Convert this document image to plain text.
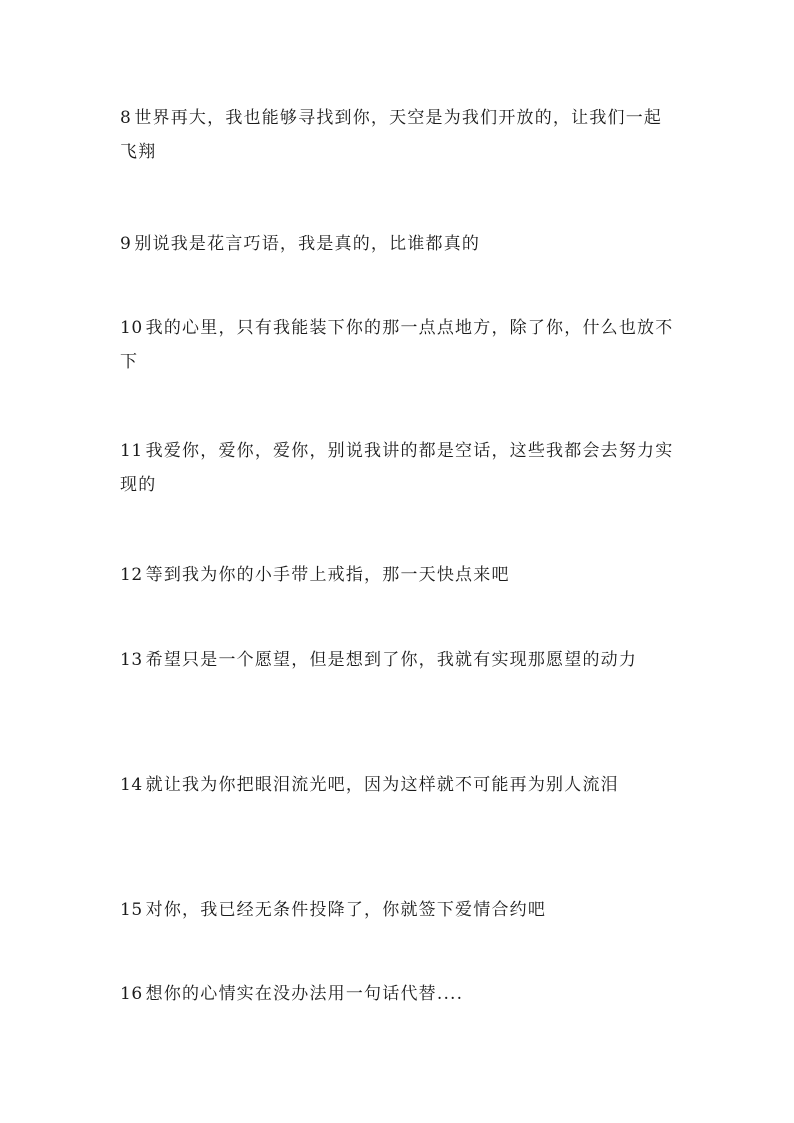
8 世界再大，我也能够寻找到你，天空是为我们开放的，让我们一起飞翔

9 别说我是花言巧语，我是真的，比谁都真的

10 我的心里，只有我能装下你的那一点点地方，除了你，什么也放不下

11 我爱你，爱你，爱你，别说我讲的都是空话，这些我都会去努力实现的

12 等到我为你的小手带上戒指，那一天快点来吧

13 希望只是一个愿望，但是想到了你，我就有实现那愿望的动力

14 就让我为你把眼泪流光吧，因为这样就不可能再为别人流泪

15 对你，我已经无条件投降了，你就签下爱情合约吧

16 想你的心情实在没办法用一句话代替....
